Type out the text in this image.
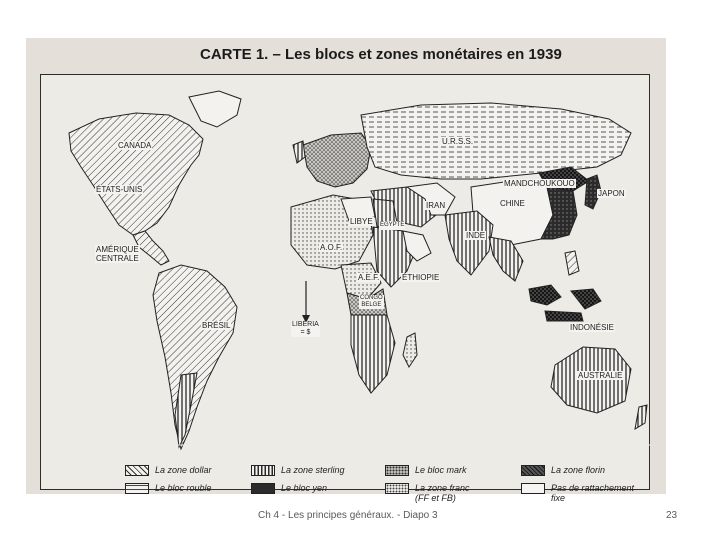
CARTE 1. – Les blocs et zones monétaires en 1939
CANADA
ÉTATS-UNIS
AMÉRIQUE
CENTRALE
BRÉSIL
U.R.S.S.
MANDCHOUKOUO
CHINE
JAPON
IRAN
INDE
LIBYE ÉGYPTE
A.O.F.
A.E.F.	ÉTHIOPIE
CONGO
BELGE
LIBÉRIA
= $
INDONÉSIE
AUSTRALIE
La zone dollar	La zone sterling	Le bloc mark	La zone florin
Le bloc rouble	Le bloc yen	La zone franc
(FF et FB)
Pas de rattachement
fixe
Ch 4 - Les principes généraux. - Diapo 3	23
